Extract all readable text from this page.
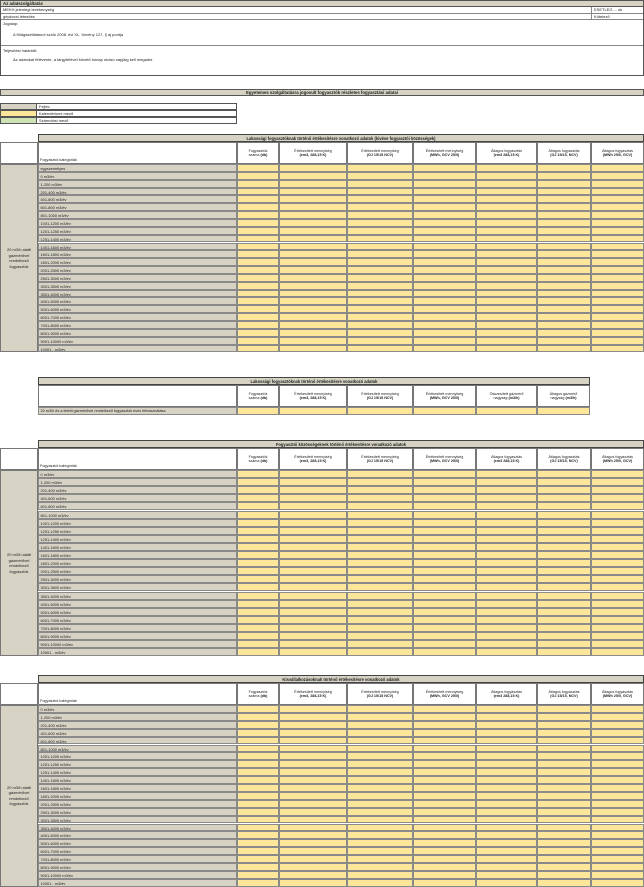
Az adatszolgáltatás
MEKH jelenlegi tevékenység	ESETLEG ... ok
gépkocsi létesítés	Kötelező
Jogalap:
A földgázellátásról szóló 2008. évi XL. törvény 127. § aj pontja
Teljesítési határidő:
Az adatokat félévente, a tárgyfélévet követő hónap utolsó napjáig kell megadni.
Egyetemes szolgáltatásra jogosult fogyasztók részletes fogyasztási adatai
Fejléc
Kalendériumi mező
Számolási mező
Lakossági fogyasztóknak történő értékesítésre vonatkozó adatok (kivéve fogyasztói közösségek)
Fogyasztói kategóriák
Fogyasztók
száma (db)
Értékesített mennyiség
(em3, 288,15 K)
Értékesített mennyiség
(GJ 15/15 NCV)
Értékesített mennyiség
(MWh, GCV 25/0)
Átlagos fogyasztás
(em3 288,15 K)
Átlagos fogyasztás
(GJ 15/15, NCV)
Átlagos fogyasztás
(MWh 25/0, GCV)
egyszemélyes
0 m3/év
1-200 m3/év
201-400 m3/év
401-600 m3/év
601-800 m3/év
801-1000 m3/év
1001-1200 m3/év
1201-1250 m3/év
1251-1400 m3/év
1401-1600 m3/év
1601-1800 m3/év
1801-2000 m3/év
2001-2500 m3/év
2501-3000 m3/év
3001-3500 m3/év
3501-4000 m3/év
4001-5000 m3/év
5001-6000 m3/év
6001-7000 m3/év
7001-8000 m3/év
8001-9000 m3/év
9001-10000 m3/év
10001 - m3/év
20 m3/h alatti gázmérővel rendelkező fogyasztók
Lakossági fogyasztóknak történő értékesítésre vonatkozó adatok
Fogyasztók
száma (db)
Értékesített mennyiség
(em3, 288,15 K)
Értékesített mennyiség
(GJ 15/15 NCV)
Értékesített mennyiség
(MWh, GCV 25/0)
Összesített gázmérő
nagyság (m3/h)
Átlagos gázmérő
nagyság (m3/h)
20 m3/h és a feletti gázmérővel rendelkező fogyasztók éves felhasználása
Fogyasztói közösségeknek történő értékesítésre vonatkozó adatok
Fogyasztói kategóriák
Fogyasztók
száma (db)
Értékesített mennyiség
(em3, 288,15 K)
Értékesített mennyiség
(GJ 15/15 NCV)
Értékesített mennyiség
(MWh, GCV 25/0)
Átlagos fogyasztás
(em3 288,15 K)
Átlagos fogyasztás
(GJ 15/15, NCV)
Átlagos fogyasztás
(MWh 25/0, GCV)
0 m3/év
1-200 m3/év
201-400 m3/év
401-600 m3/év
601-800 m3/év
801-1000 m3/év
1001-1200 m3/év
1201-1250 m3/év
1251-1400 m3/év
1401-1600 m3/év
1601-1800 m3/év
1801-2000 m3/év
2001-2500 m3/év
2501-3000 m3/év
3001-3500 m3/év
3501-4000 m3/év
4001-5000 m3/év
5001-6000 m3/év
6001-7000 m3/év
7001-8000 m3/év
8001-9000 m3/év
9001-10000 m3/év
10001 - m3/év
20 m3/h alatti gázmérővel rendelkező fogyasztók
Kisvállalkozásoknak történő értékesítésre vonatkozó adatok
Fogyasztói kategóriák
Fogyasztók
száma (db)
Értékesített mennyiség
(em3, 288,15 K)
Értékesített mennyiség
(GJ 15/15 NCV)
Értékesített mennyiség
(MWh, GCV 25/0)
Átlagos fogyasztás
(em3 288,15 K)
Átlagos fogyasztás
(GJ 15/15, NCV)
Átlagos fogyasztás
(MWh 25/0, GCV)
0 m3/év
1-200 m3/év
201-400 m3/év
401-600 m3/év
601-800 m3/év
801-1000 m3/év
1001-1200 m3/év
1201-1250 m3/év
1251-1400 m3/év
1401-1600 m3/év
1601-1800 m3/év
1801-2000 m3/év
2001-2500 m3/év
2501-3000 m3/év
3001-3500 m3/év
3501-4000 m3/év
4001-5000 m3/év
5001-6000 m3/év
6001-7000 m3/év
7001-8000 m3/év
8001-9000 m3/év
9001-10000 m3/év
10001 - m3/év
20 m3/h alatti gázmérővel rendelkező fogyasztók
